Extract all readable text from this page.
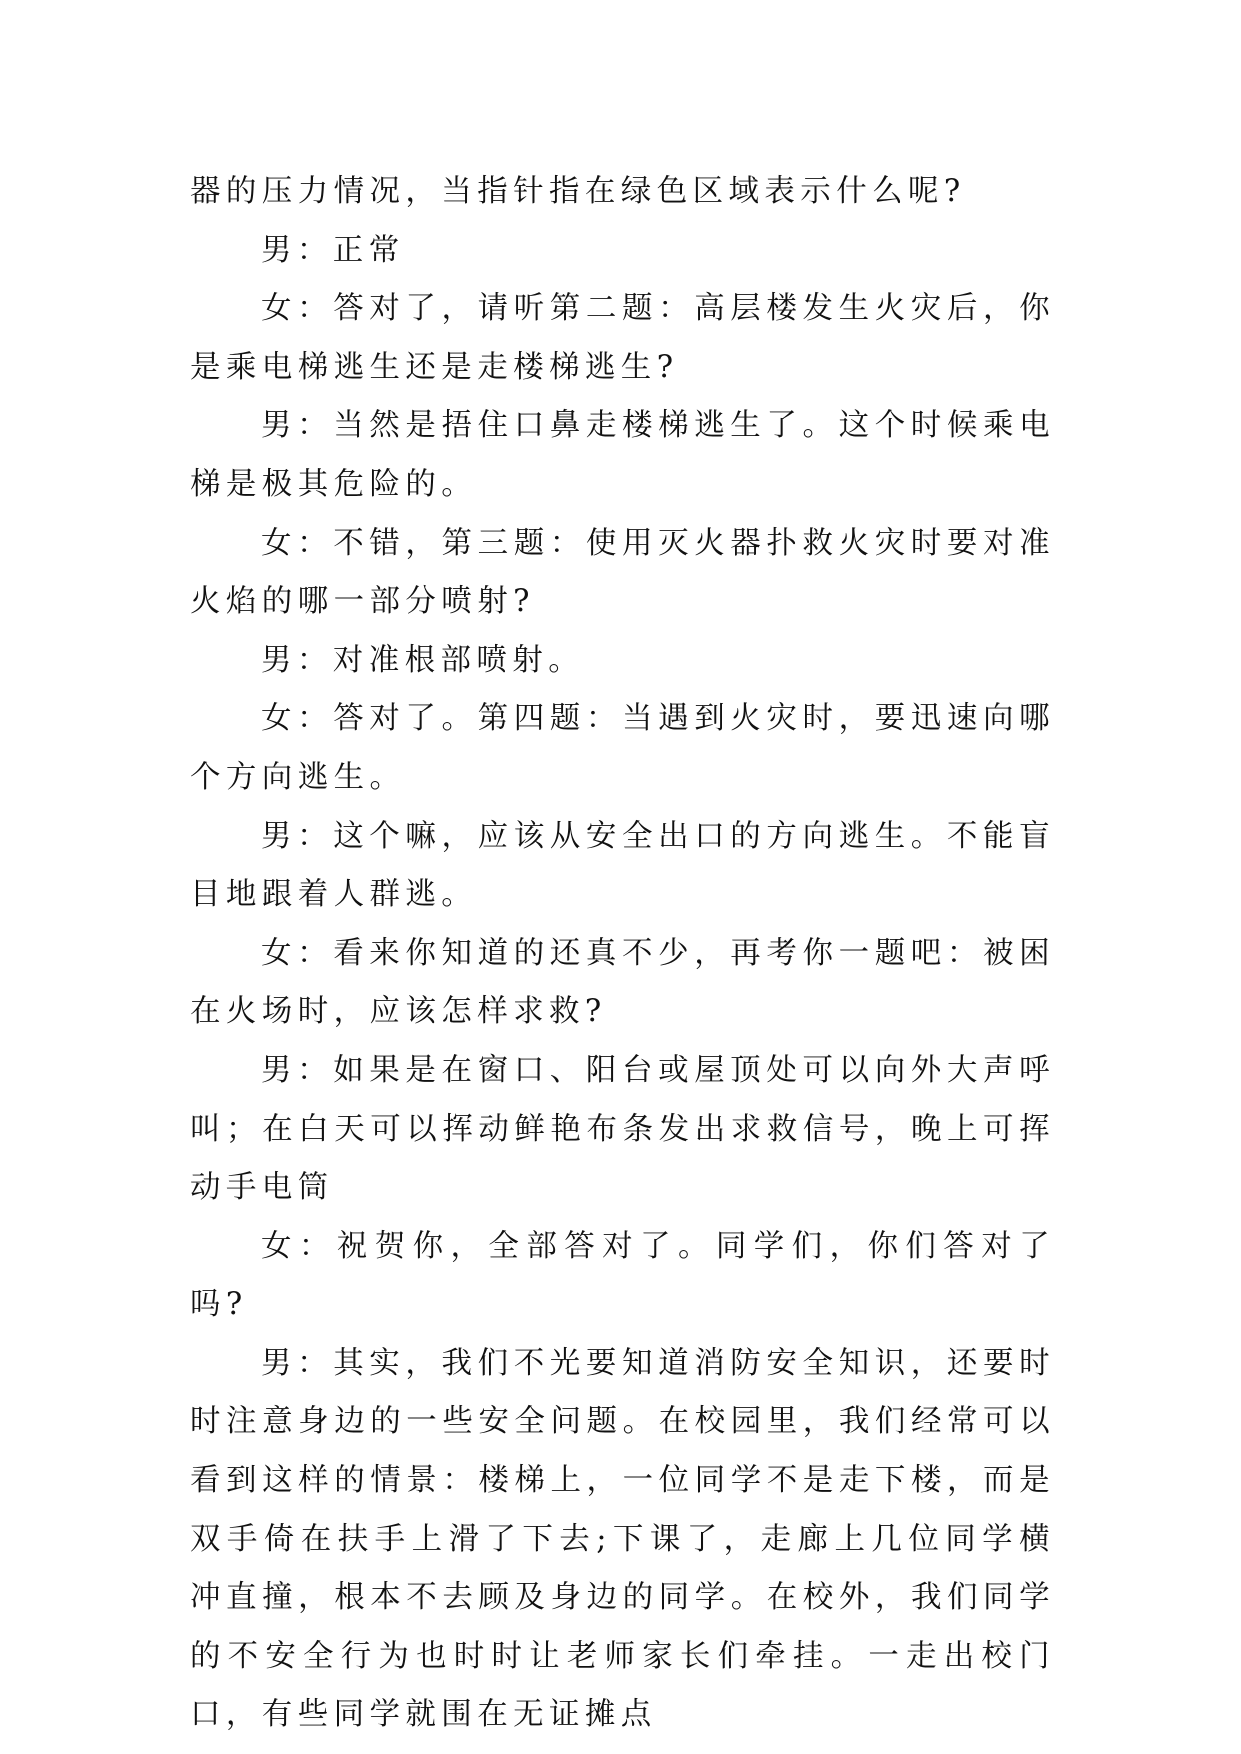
器的压力情况，当指针指在绿色区域表示什么呢?

男：正常

女：答对了，请听第二题：高层楼发生火灾后，你是乘电梯逃生还是走楼梯逃生?

男：当然是捂住口鼻走楼梯逃生了。这个时候乘电梯是极其危险的。

女：不错，第三题：使用灭火器扑救火灾时要对准火焰的哪一部分喷射?

男：对准根部喷射。

女：答对了。第四题：当遇到火灾时，要迅速向哪个方向逃生。

男：这个嘛，应该从安全出口的方向逃生。不能盲目地跟着人群逃。

女：看来你知道的还真不少，再考你一题吧：被困在火场时，应该怎样求救?

男：如果是在窗口、阳台或屋顶处可以向外大声呼叫；在白天可以挥动鲜艳布条发出求救信号，晚上可挥动手电筒

女：祝贺你，全部答对了。同学们，你们答对了吗?

男：其实，我们不光要知道消防安全知识，还要时时注意身边的一些安全问题。在校园里，我们经常可以看到这样的情景：楼梯上，一位同学不是走下楼，而是双手倚在扶手上滑了下去;下课了，走廊上几位同学横冲直撞，根本不去顾及身边的同学。在校外，我们同学的不安全行为也时时让老师家长们牵挂。一走出校门口，有些同学就围在无证摊点
